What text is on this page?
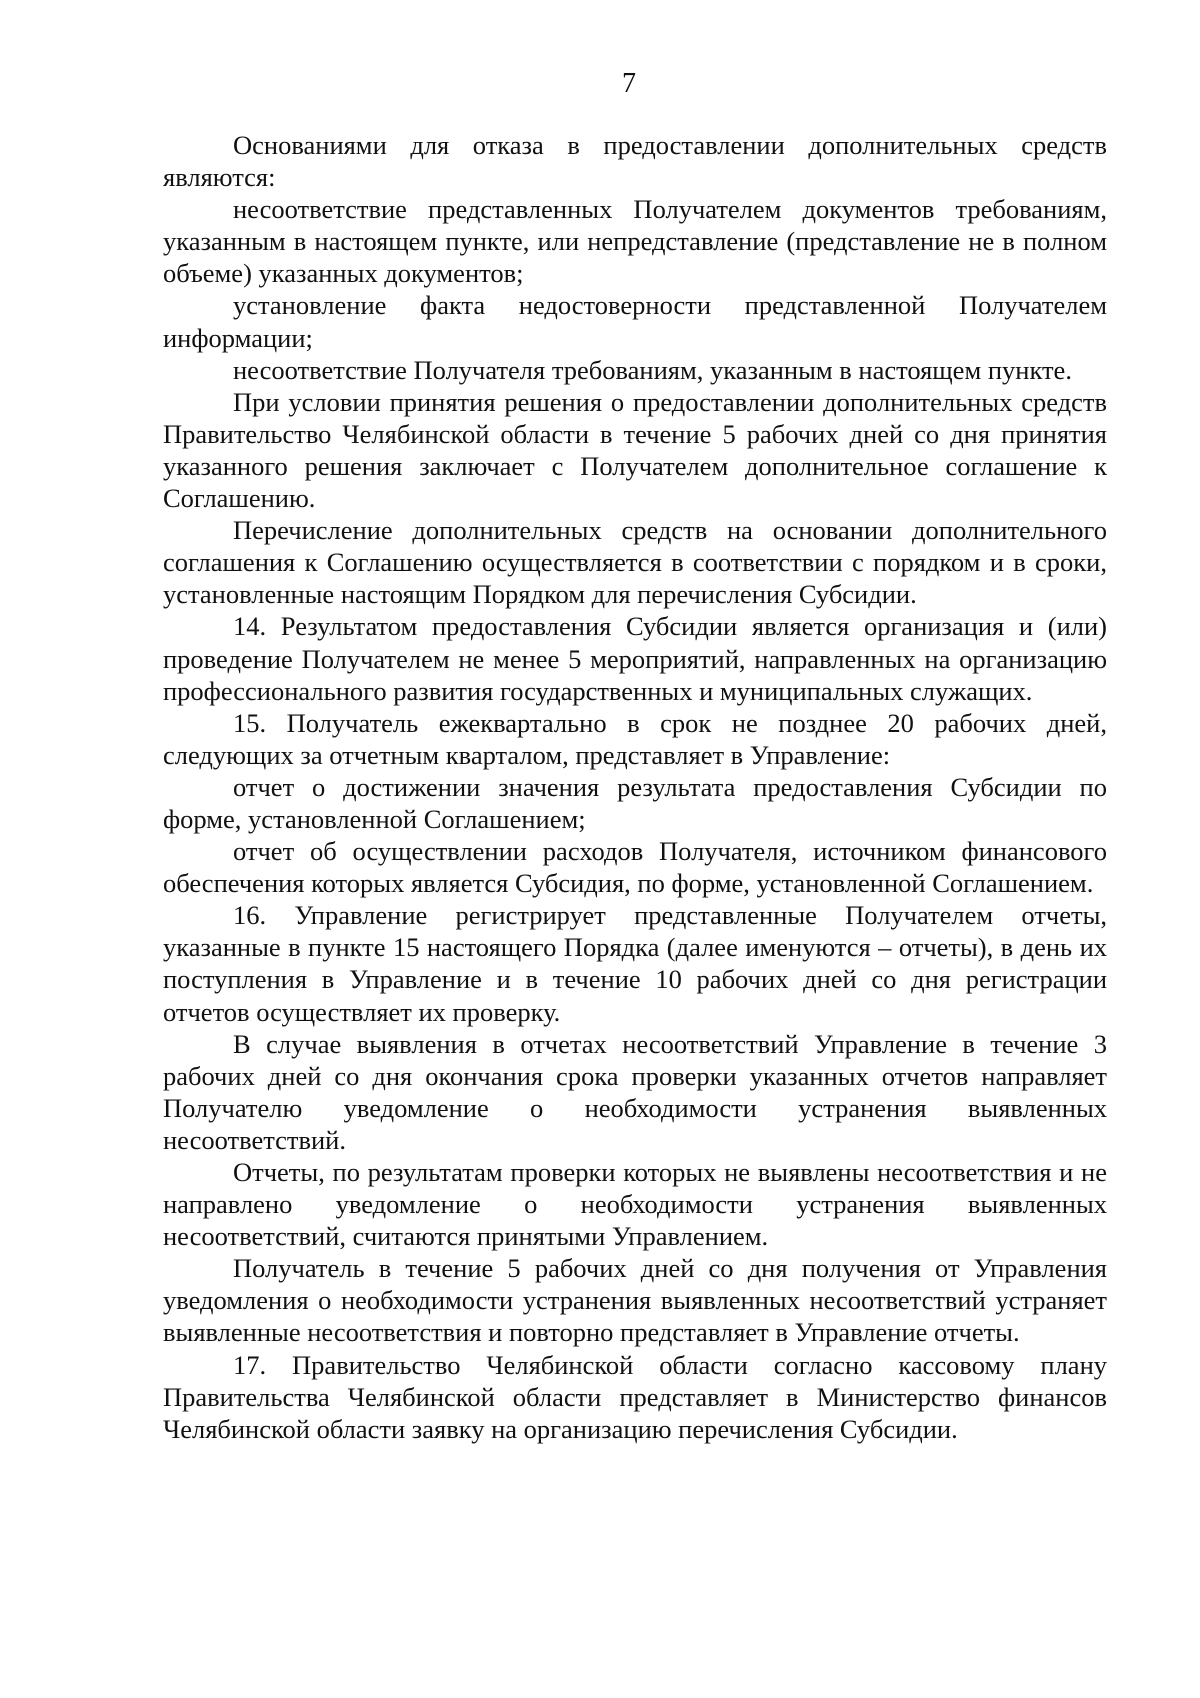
7

Основаниями для отказа в предоставлении дополнительных средств являются:

несоответствие представленных Получателем документов требованиям, указанным в настоящем пункте, или непредставление (представление не в полном объеме) указанных документов;

установление факта недостоверности представленной Получателем информации;

несоответствие Получателя требованиям, указанным в настоящем пункте.

При условии принятия решения о предоставлении дополнительных средств Правительство Челябинской области в течение 5 рабочих дней со дня принятия указанного решения заключает с Получателем дополнительное соглашение к Соглашению.

Перечисление дополнительных средств на основании дополнительного соглашения к Соглашению осуществляется в соответствии с порядком и в сроки, установленные настоящим Порядком для перечисления Субсидии.

14. Результатом предоставления Субсидии является организация и (или) проведение Получателем не менее 5 мероприятий, направленных на организацию профессионального развития государственных и муниципальных служащих.

15. Получатель ежеквартально в срок не позднее 20 рабочих дней, следующих за отчетным кварталом, представляет в Управление:

отчет о достижении значения результата предоставления Субсидии по форме, установленной Соглашением;

отчет об осуществлении расходов Получателя, источником финансового обеспечения которых является Субсидия, по форме, установленной Соглашением.

16. Управление регистрирует представленные Получателем отчеты, указанные в пункте 15 настоящего Порядка (далее именуются – отчеты), в день их поступления в Управление и в течение 10 рабочих дней со дня регистрации отчетов осуществляет их проверку.

В случае выявления в отчетах несоответствий Управление в течение 3 рабочих дней со дня окончания срока проверки указанных отчетов направляет Получателю уведомление о необходимости устранения выявленных несоответствий.

Отчеты, по результатам проверки которых не выявлены несоответствия и не направлено уведомление о необходимости устранения выявленных несоответствий, считаются принятыми Управлением.

Получатель в течение 5 рабочих дней со дня получения от Управления уведомления о необходимости устранения выявленных несоответствий устраняет выявленные несоответствия и повторно представляет в Управление отчеты.

17. Правительство Челябинской области согласно кассовому плану Правительства Челябинской области представляет в Министерство финансов Челябинской области заявку на организацию перечисления Субсидии.
